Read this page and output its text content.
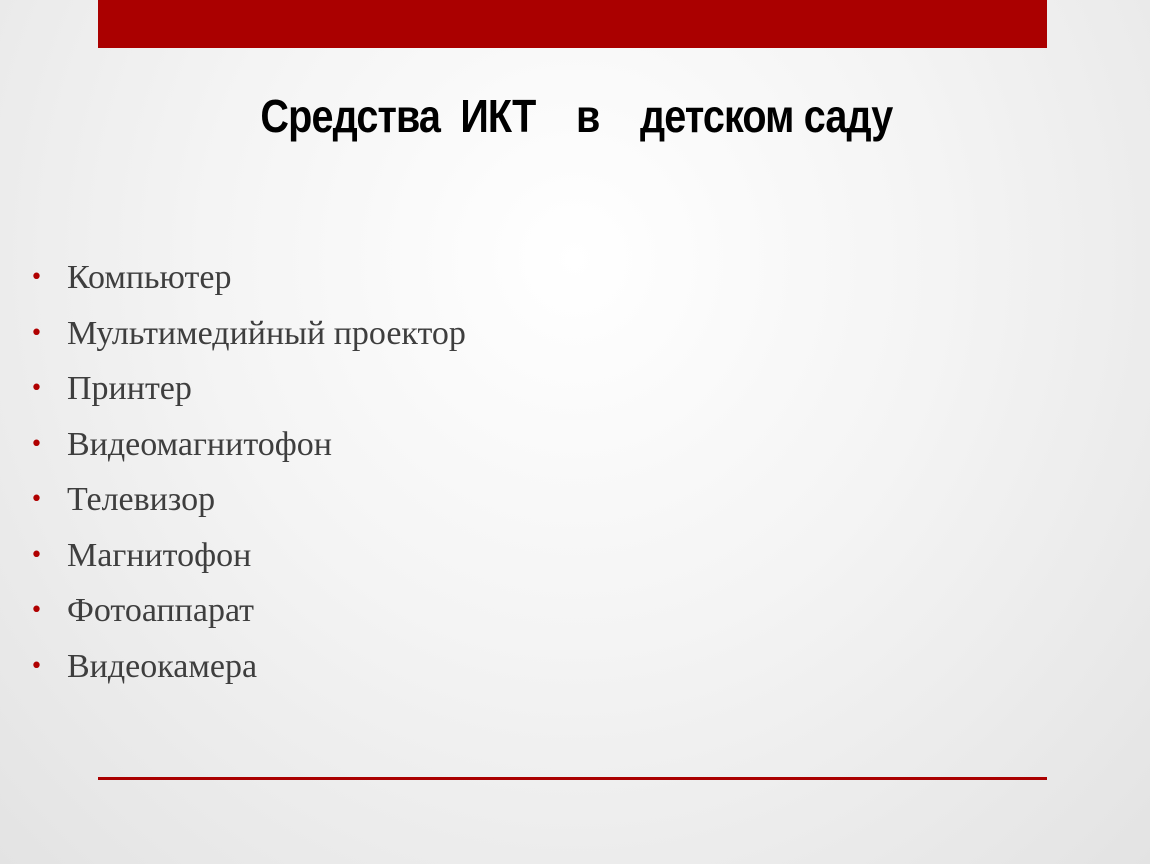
Средства  ИКТ    в    детском саду
• Компьютер
• Мультимедийный проектор
• Принтер
• Видеомагнитофон
• Телевизор
• Магнитофон
• Фотоаппарат
• Видеокамера
